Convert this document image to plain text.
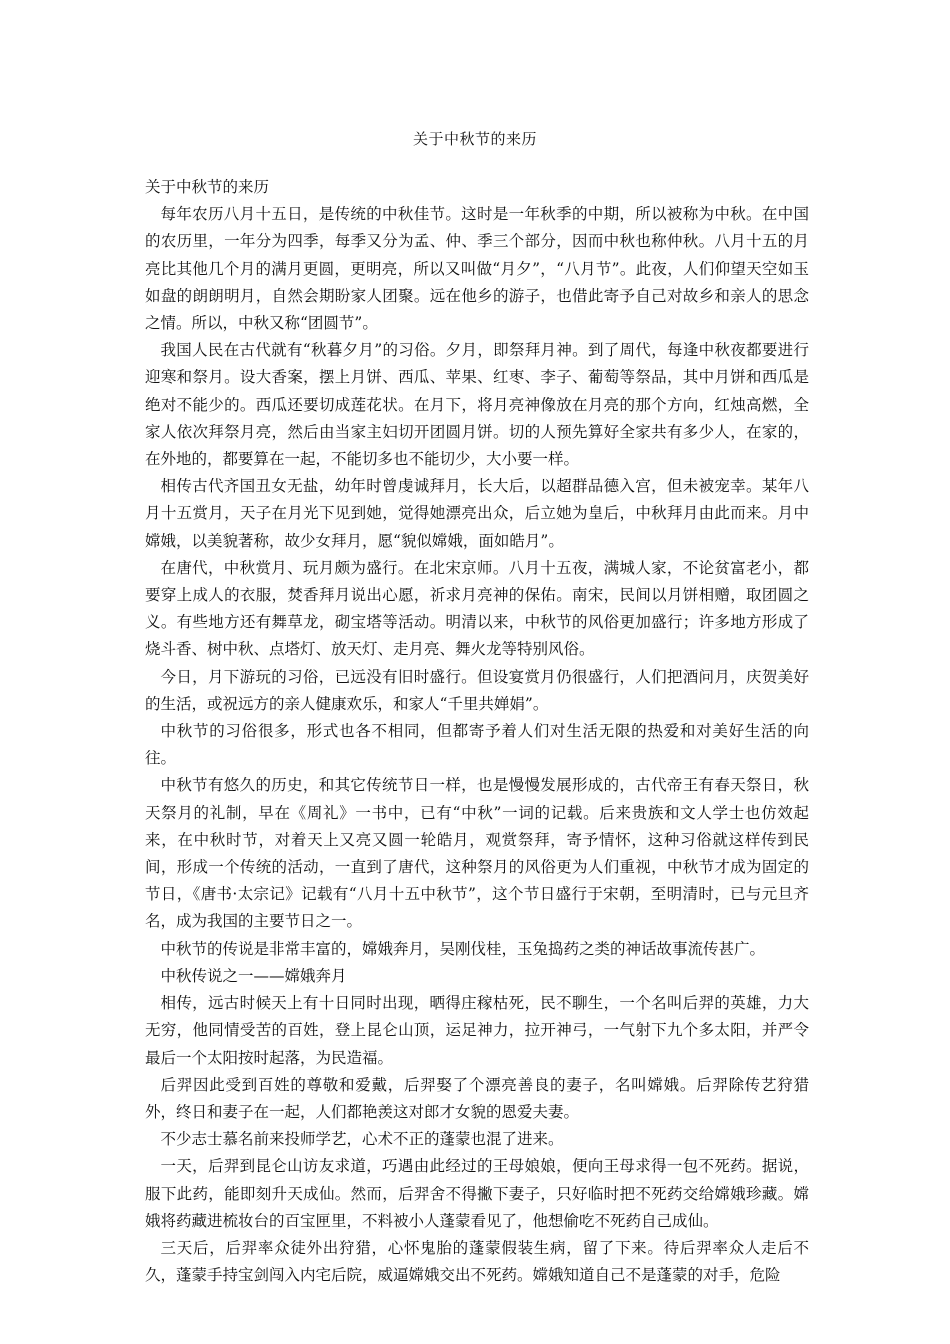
关于中秋节的来历

关于中秋节的来历

每年农历八月十五日，是传统的中秋佳节。这时是一年秋季的中期，所以被称为中秋。在中国的农历里，一年分为四季，每季又分为孟、仲、季三个部分，因而中秋也称仲秋。八月十五的月亮比其他几个月的满月更圆，更明亮，所以又叫做“月夕”，“八月节”。此夜，人们仰望天空如玉如盘的朗朗明月，自然会期盼家人团聚。远在他乡的游子，也借此寄予自己对故乡和亲人的思念之情。所以，中秋又称“团圆节”。

我国人民在古代就有“秋暮夕月”的习俗。夕月，即祭拜月神。到了周代，每逢中秋夜都要进行迎寒和祭月。设大香案，摆上月饼、西瓜、苹果、红枣、李子、葡萄等祭品，其中月饼和西瓜是绝对不能少的。西瓜还要切成莲花状。在月下，将月亮神像放在月亮的那个方向，红烛高燃，全家人依次拜祭月亮，然后由当家主妇切开团圆月饼。切的人预先算好全家共有多少人，在家的，在外地的，都要算在一起，不能切多也不能切少，大小要一样。

相传古代齐国丑女无盐，幼年时曾虔诚拜月，长大后，以超群品德入宫，但未被宠幸。某年八月十五赏月，天子在月光下见到她，觉得她漂亮出众，后立她为皇后，中秋拜月由此而来。月中嫦娥，以美貌著称，故少女拜月，愿“貌似嫦娥，面如皓月”。

在唐代，中秋赏月、玩月颇为盛行。在北宋京师。八月十五夜，满城人家，不论贫富老小，都要穿上成人的衣服，焚香拜月说出心愿，祈求月亮神的保佑。南宋，民间以月饼相赠，取团圆之义。有些地方还有舞草龙，砌宝塔等活动。明清以来，中秋节的风俗更加盛行；许多地方形成了烧斗香、树中秋、点塔灯、放天灯、走月亮、舞火龙等特别风俗。

今日，月下游玩的习俗，已远没有旧时盛行。但设宴赏月仍很盛行，人们把酒问月，庆贺美好的生活，或祝远方的亲人健康欢乐，和家人“千里共婵娟”。

中秋节的习俗很多，形式也各不相同，但都寄予着人们对生活无限的热爱和对美好生活的向往。

中秋节有悠久的历史，和其它传统节日一样，也是慢慢发展形成的，古代帝王有春天祭日，秋天祭月的礼制，早在《周礼》一书中，已有“中秋”一词的记载。后来贵族和文人学士也仿效起来，在中秋时节，对着天上又亮又圆一轮皓月，观赏祭拜，寄予情怀，这种习俗就这样传到民间，形成一个传统的活动，一直到了唐代，这种祭月的风俗更为人们重视，中秋节才成为固定的节日，《唐书·太宗记》记载有“八月十五中秋节”，这个节日盛行于宋朝，至明清时，已与元旦齐名，成为我国的主要节日之一。

中秋节的传说是非常丰富的，嫦娥奔月，吴刚伐桂，玉兔捣药之类的神话故事流传甚广。

中秋传说之一——嫦娥奔月

相传，远古时候天上有十日同时出现，晒得庄稼枯死，民不聊生，一个名叫后羿的英雄，力大无穷，他同情受苦的百姓，登上昆仑山顶，运足神力，拉开神弓，一气射下九个多太阳，并严令最后一个太阳按时起落，为民造福。

后羿因此受到百姓的尊敬和爱戴，后羿娶了个漂亮善良的妻子，名叫嫦娥。后羿除传艺狩猎外，终日和妻子在一起，人们都艳羡这对郎才女貌的恩爱夫妻。

不少志士慕名前来投师学艺，心术不正的蓬蒙也混了进来。

一天，后羿到昆仑山访友求道，巧遇由此经过的王母娘娘，便向王母求得一包不死药。据说，服下此药，能即刻升天成仙。然而，后羿舍不得撇下妻子，只好临时把不死药交给嫦娥珍藏。嫦娥将药藏进梳妆台的百宝匣里，不料被小人蓬蒙看见了，他想偷吃不死药自己成仙。

三天后，后羿率众徒外出狩猎，心怀鬼胎的蓬蒙假装生病，留了下来。待后羿率众人走后不久，蓬蒙手持宝剑闯入内宅后院，威逼嫦娥交出不死药。嫦娥知道自己不是蓬蒙的对手，危险
